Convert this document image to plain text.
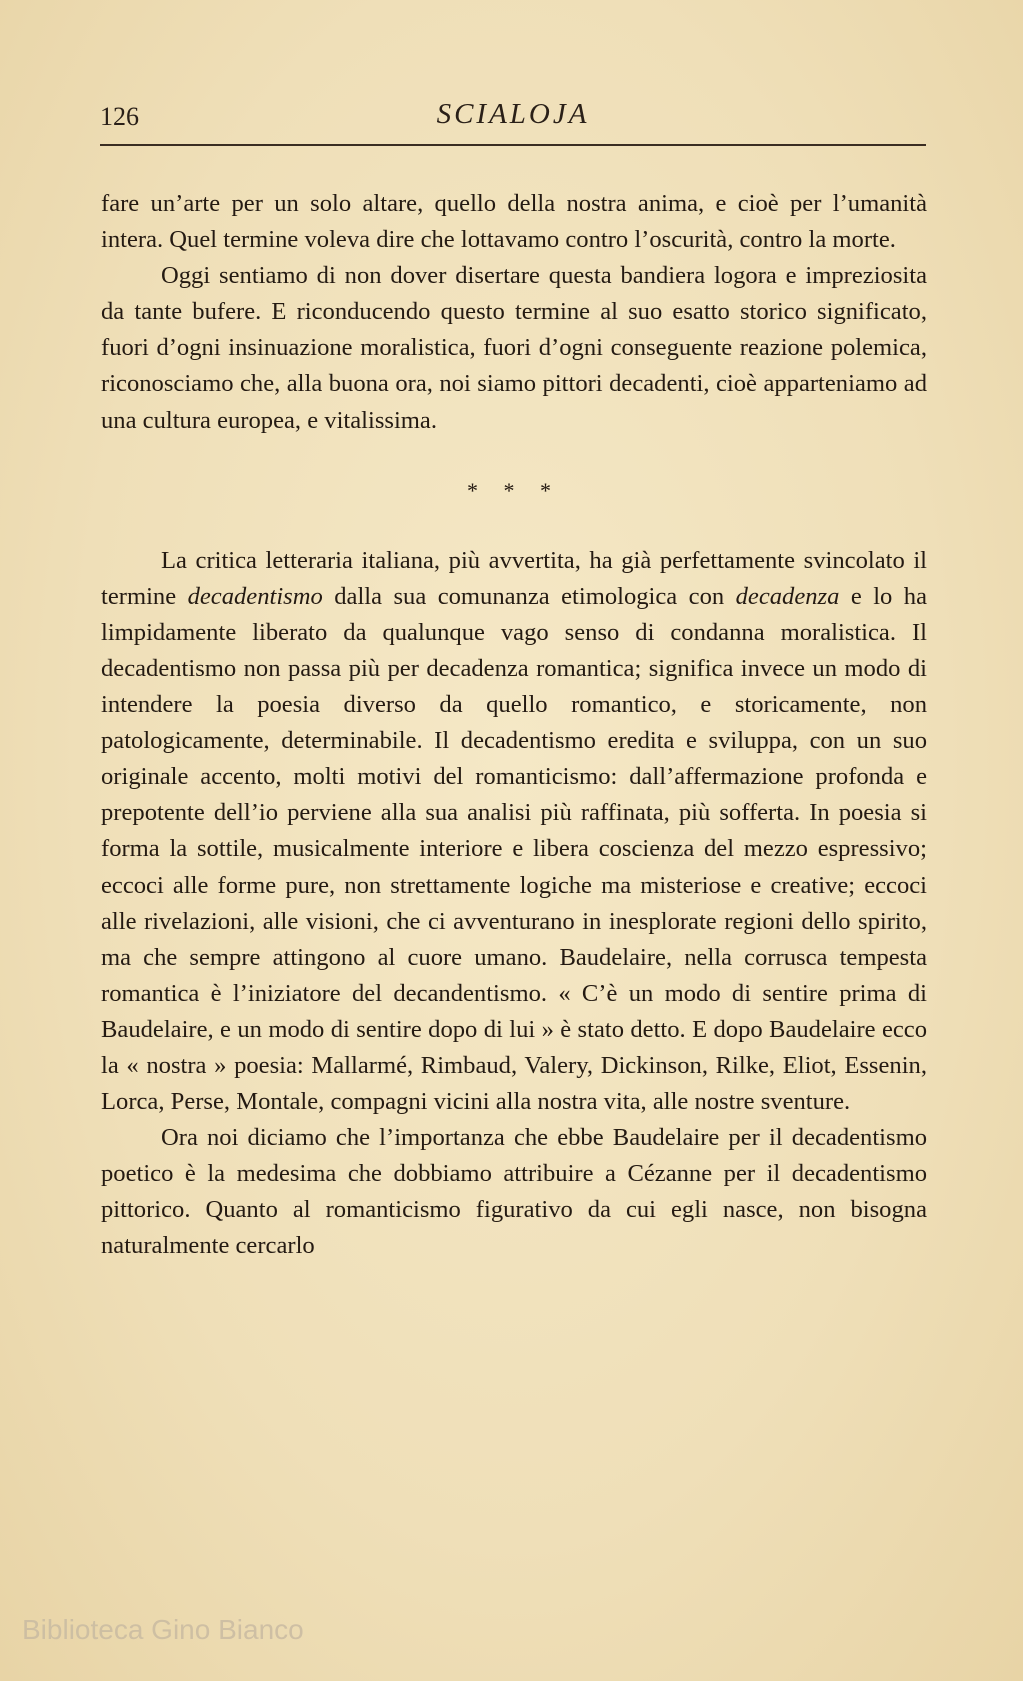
126	SCIALOJA

fare un’arte per un solo altare, quello della nostra anima, e cioè per l’umanità intera. Quel termine voleva dire che lottavamo contro l’oscurità, contro la morte.

Oggi sentiamo di non dover disertare questa bandiera logora e impreziosita da tante bufere. E riconducendo questo termine al suo esatto storico significato, fuori d’ogni insinuazione moralistica, fuori d’ogni conseguente reazione polemica, riconosciamo che, alla buona ora, noi siamo pittori decadenti, cioè apparteniamo ad una cultura europea, e vitalissima.

* * *

La critica letteraria italiana, più avvertita, ha già perfettamente svincolato il termine decadentismo dalla sua comunanza etimologica con decadenza e lo ha limpidamente liberato da qualunque vago senso di condanna moralistica. Il decadentismo non passa più per decadenza romantica; significa invece un modo di intendere la poesia diverso da quello romantico, e storicamente, non patologicamente, determinabile. Il decadentismo eredita e sviluppa, con un suo originale accento, molti motivi del romanticismo: dall’affermazione profonda e prepotente dell’io perviene alla sua analisi più raffinata, più sofferta. In poesia si forma la sottile, musicalmente interiore e libera coscienza del mezzo espressivo; eccoci alle forme pure, non strettamente logiche ma misteriose e creative; eccoci alle rivelazioni, alle visioni, che ci avventurano in inesplorate regioni dello spirito, ma che sempre attingono al cuore umano. Baudelaire, nella corrusca tempesta romantica è l’iniziatore del decandentismo. « C’è un modo di sentire prima di Baudelaire, e un modo di sentire dopo di lui » è stato detto. E dopo Baudelaire ecco la « nostra » poesia: Mallarmé, Rimbaud, Valery, Dickinson, Rilke, Eliot, Essenin, Lorca, Perse, Montale, compagni vicini alla nostra vita, alle nostre sventure.

Ora noi diciamo che l’importanza che ebbe Baudelaire per il decadentismo poetico è la medesima che dobbiamo attribuire a Cézanne per il decadentismo pittorico. Quanto al romanticismo figurativo da cui egli nasce, non bisogna naturalmente cercarlo

Biblioteca Gino Bianco
